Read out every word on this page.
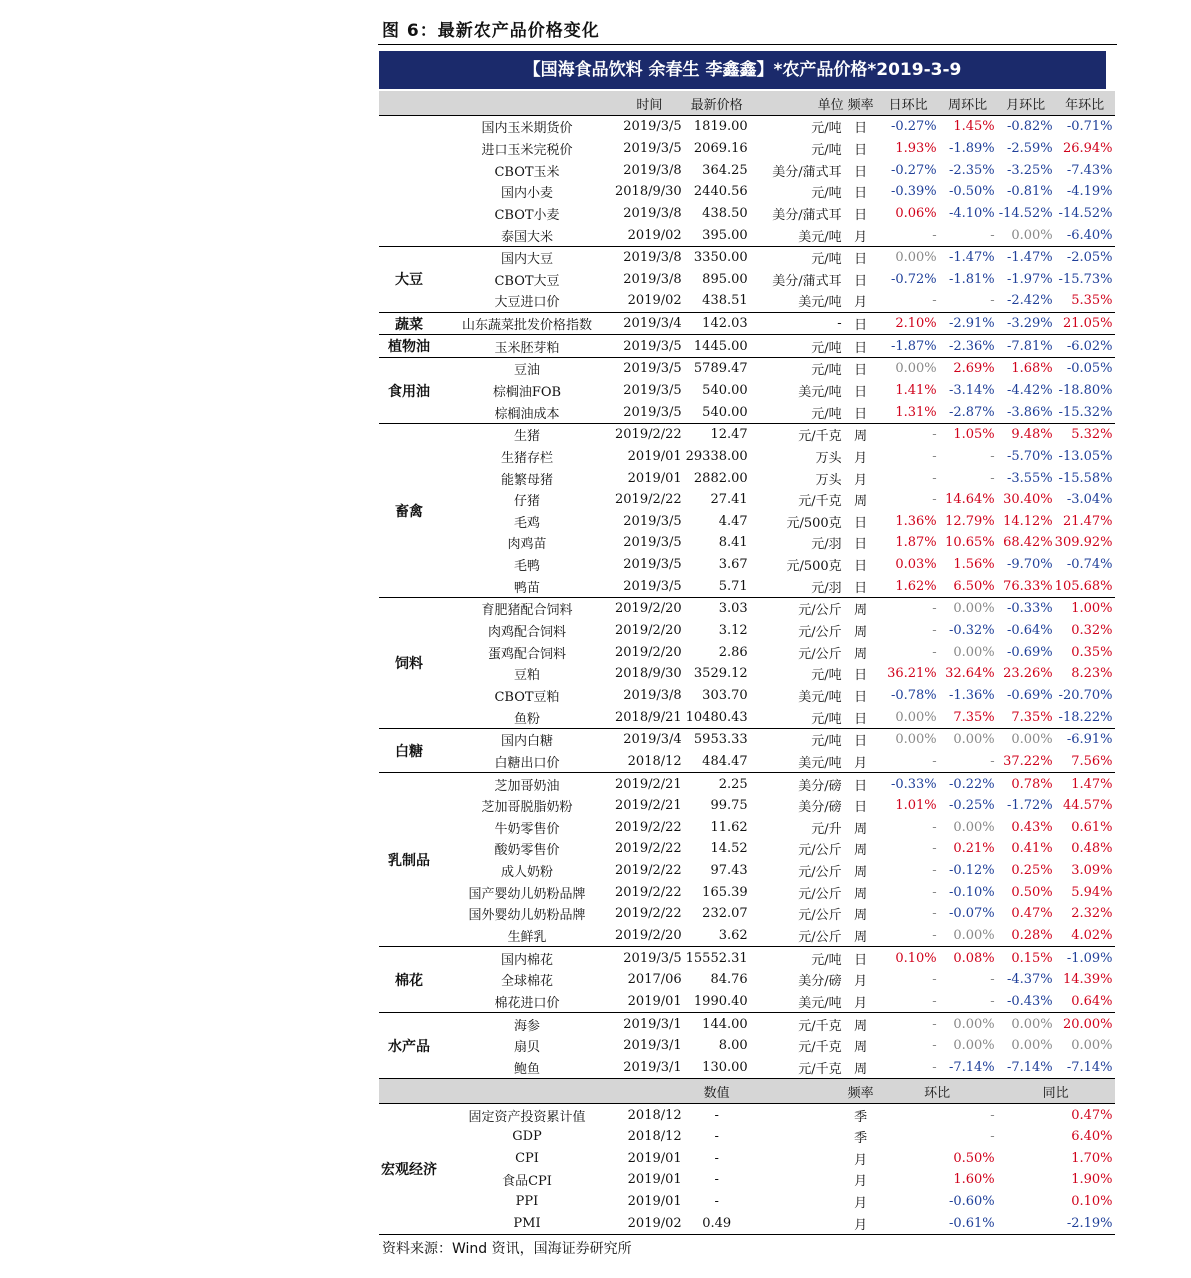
图 6：最新农产品价格变化
【国海食品饮料 余春生 李鑫鑫】*农产品价格*2019-3-9
		时间	最新价格	单位	频率	日环比	周环比	月环比	年环比
	国内玉米期货价	2019/3/5	1819.00	元/吨	日	-0.27%	1.45%	-0.82%	-0.71%
	进口玉米完税价	2019/3/5	2069.16	元/吨	日	1.93%	-1.89%	-2.59%	26.94%
	CBOT玉米	2019/3/8	364.25	美分/蒲式耳	日	-0.27%	-2.35%	-3.25%	-7.43%
	国内小麦	2018/9/30	2440.56	元/吨	日	-0.39%	-0.50%	-0.81%	-4.19%
	CBOT小麦	2019/3/8	438.50	美分/蒲式耳	日	0.06%	-4.10%	-14.52%	-14.52%
	泰国大米	2019/02	395.00	美元/吨	月	-	-	0.00%	-6.40%
大豆	国内大豆	2019/3/8	3350.00	元/吨	日	0.00%	-1.47%	-1.47%	-2.05%
	CBOT大豆	2019/3/8	895.00	美分/蒲式耳	日	-0.72%	-1.81%	-1.97%	-15.73%
	大豆进口价	2019/02	438.51	美元/吨	月	-	-	-2.42%	5.35%
蔬菜	山东蔬菜批发价格指数	2019/3/4	142.03	-	日	2.10%	-2.91%	-3.29%	21.05%
植物油	玉米胚芽粕	2019/3/5	1445.00	元/吨	日	-1.87%	-2.36%	-7.81%	-6.02%
食用油	豆油	2019/3/5	5789.47	元/吨	日	0.00%	2.69%	1.68%	-0.05%
	棕榈油FOB	2019/3/5	540.00	美元/吨	日	1.41%	-3.14%	-4.42%	-18.80%
	棕榈油成本	2019/3/5	540.00	元/吨	日	1.31%	-2.87%	-3.86%	-15.32%
畜禽	生猪	2019/2/22	12.47	元/千克	周	-	1.05%	9.48%	5.32%
	生猪存栏	2019/01	29338.00	万头	月	-	-	-5.70%	-13.05%
	能繁母猪	2019/01	2882.00	万头	月	-	-	-3.55%	-15.58%
	仔猪	2019/2/22	27.41	元/千克	周	-	14.64%	30.40%	-3.04%
	毛鸡	2019/3/5	4.47	元/500克	日	1.36%	12.79%	14.12%	21.47%
	肉鸡苗	2019/3/5	8.41	元/羽	日	1.87%	10.65%	68.42%	309.92%
	毛鸭	2019/3/5	3.67	元/500克	日	0.03%	1.56%	-9.70%	-0.74%
	鸭苗	2019/3/5	5.71	元/羽	日	1.62%	6.50%	76.33%	105.68%
饲料	育肥猪配合饲料	2019/2/20	3.03	元/公斤	周	-	0.00%	-0.33%	1.00%
	肉鸡配合饲料	2019/2/20	3.12	元/公斤	周	-	-0.32%	-0.64%	0.32%
	蛋鸡配合饲料	2019/2/20	2.86	元/公斤	周	-	0.00%	-0.69%	0.35%
	豆粕	2018/9/30	3529.12	元/吨	日	36.21%	32.64%	23.26%	8.23%
	CBOT豆粕	2019/3/8	303.70	美元/吨	日	-0.78%	-1.36%	-0.69%	-20.70%
	鱼粉	2018/9/21	10480.43	元/吨	日	0.00%	7.35%	7.35%	-18.22%
白糖	国内白糖	2019/3/4	5953.33	元/吨	日	0.00%	0.00%	0.00%	-6.91%
	白糖出口价	2018/12	484.47	美元/吨	月	-	-	37.22%	7.56%
乳制品	芝加哥奶油	2019/2/21	2.25	美分/磅	日	-0.33%	-0.22%	0.78%	1.47%
	芝加哥脱脂奶粉	2019/2/21	99.75	美分/磅	日	1.01%	-0.25%	-1.72%	44.57%
	牛奶零售价	2019/2/22	11.62	元/升	周	-	0.00%	0.43%	0.61%
	酸奶零售价	2019/2/22	14.52	元/公斤	周	-	0.21%	0.41%	0.48%
	成人奶粉	2019/2/22	97.43	元/公斤	周	-	-0.12%	0.25%	3.09%
	国产婴幼儿奶粉品牌	2019/2/22	165.39	元/公斤	周	-	-0.10%	0.50%	5.94%
	国外婴幼儿奶粉品牌	2019/2/22	232.07	元/公斤	周	-	-0.07%	0.47%	2.32%
	生鲜乳	2019/2/20	3.62	元/公斤	周	-	0.00%	0.28%	4.02%
棉花	国内棉花	2019/3/5	15552.31	元/吨	日	0.10%	0.08%	0.15%	-1.09%
	全球棉花	2017/06	84.76	美分/磅	月	-	-	-4.37%	14.39%
	棉花进口价	2019/01	1990.40	美元/吨	月	-	-	-0.43%	0.64%
水产品	海参	2019/3/1	144.00	元/千克	周	-	0.00%	0.00%	20.00%
	扇贝	2019/3/1	8.00	元/千克	周	-	0.00%	0.00%	0.00%
	鲍鱼	2019/3/1	130.00	元/千克	周	-	-7.14%	-7.14%	-7.14%
			数值		频率	环比		同比	
宏观经济	固定资产投资累计值	2018/12	-		季	-		0.47%	
	GDP	2018/12	-		季	-		6.40%	
	CPI	2019/01	-		月	0.50%		1.70%	
	食品CPI	2019/01	-		月	1.60%		1.90%	
	PPI	2019/01	-		月	-0.60%		0.10%	
	PMI	2019/02	0.49		月	-0.61%		-2.19%	
资料来源：Wind 资讯，国海证券研究所
